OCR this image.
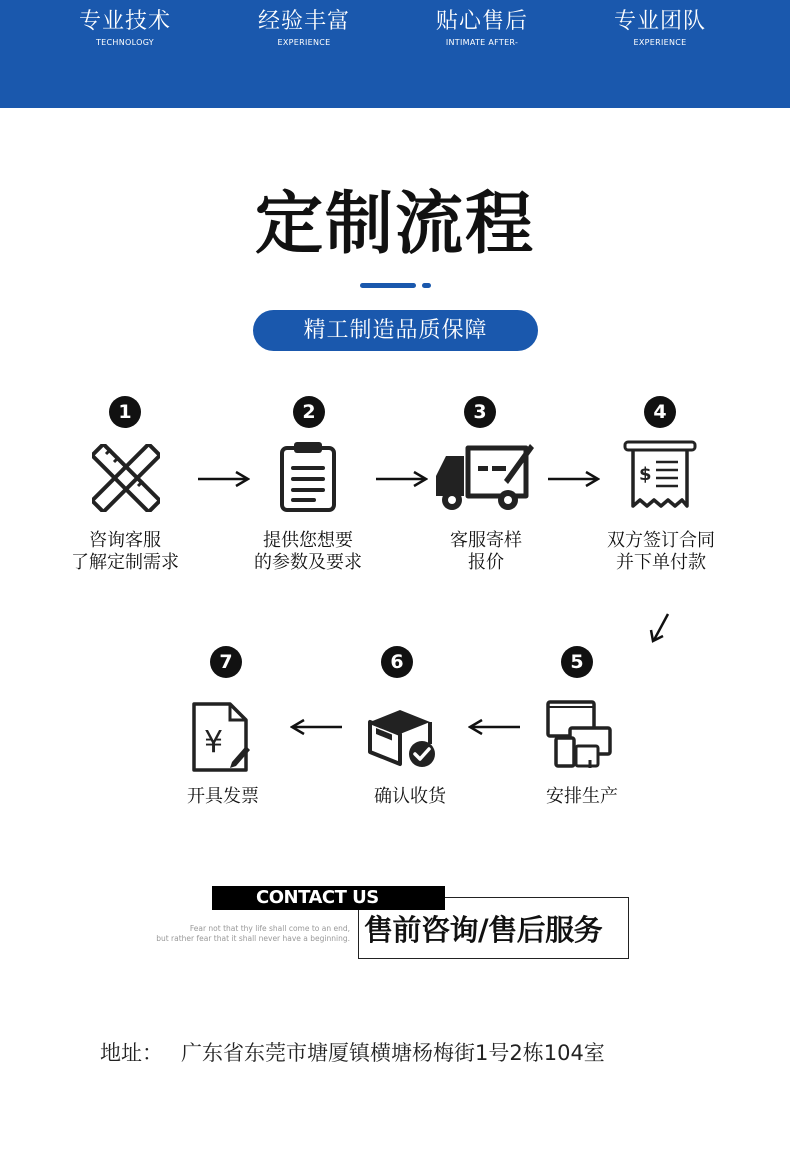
专业技术
TECHNOLOGY
经验丰富
EXPERIENCE
贴心售后
INTIMATE AFTER-
专业团队
EXPERIENCE
定制流程
精工制造品质保障
1	2	3	4
5
6
7
$
¥
咨询客服
了解定制需求
提供您想要
的参数及要求
客服寄样
报价
双方签订合同
并下单付款
安排生产
确认收货
开具发票
CONTACT US
售前咨询/售后服务
Fear not that thy life shall come to an end,
but rather fear that it shall never have a beginning.
地址： 广东省东莞市塘厦镇横塘杨梅街1号2栋104室
